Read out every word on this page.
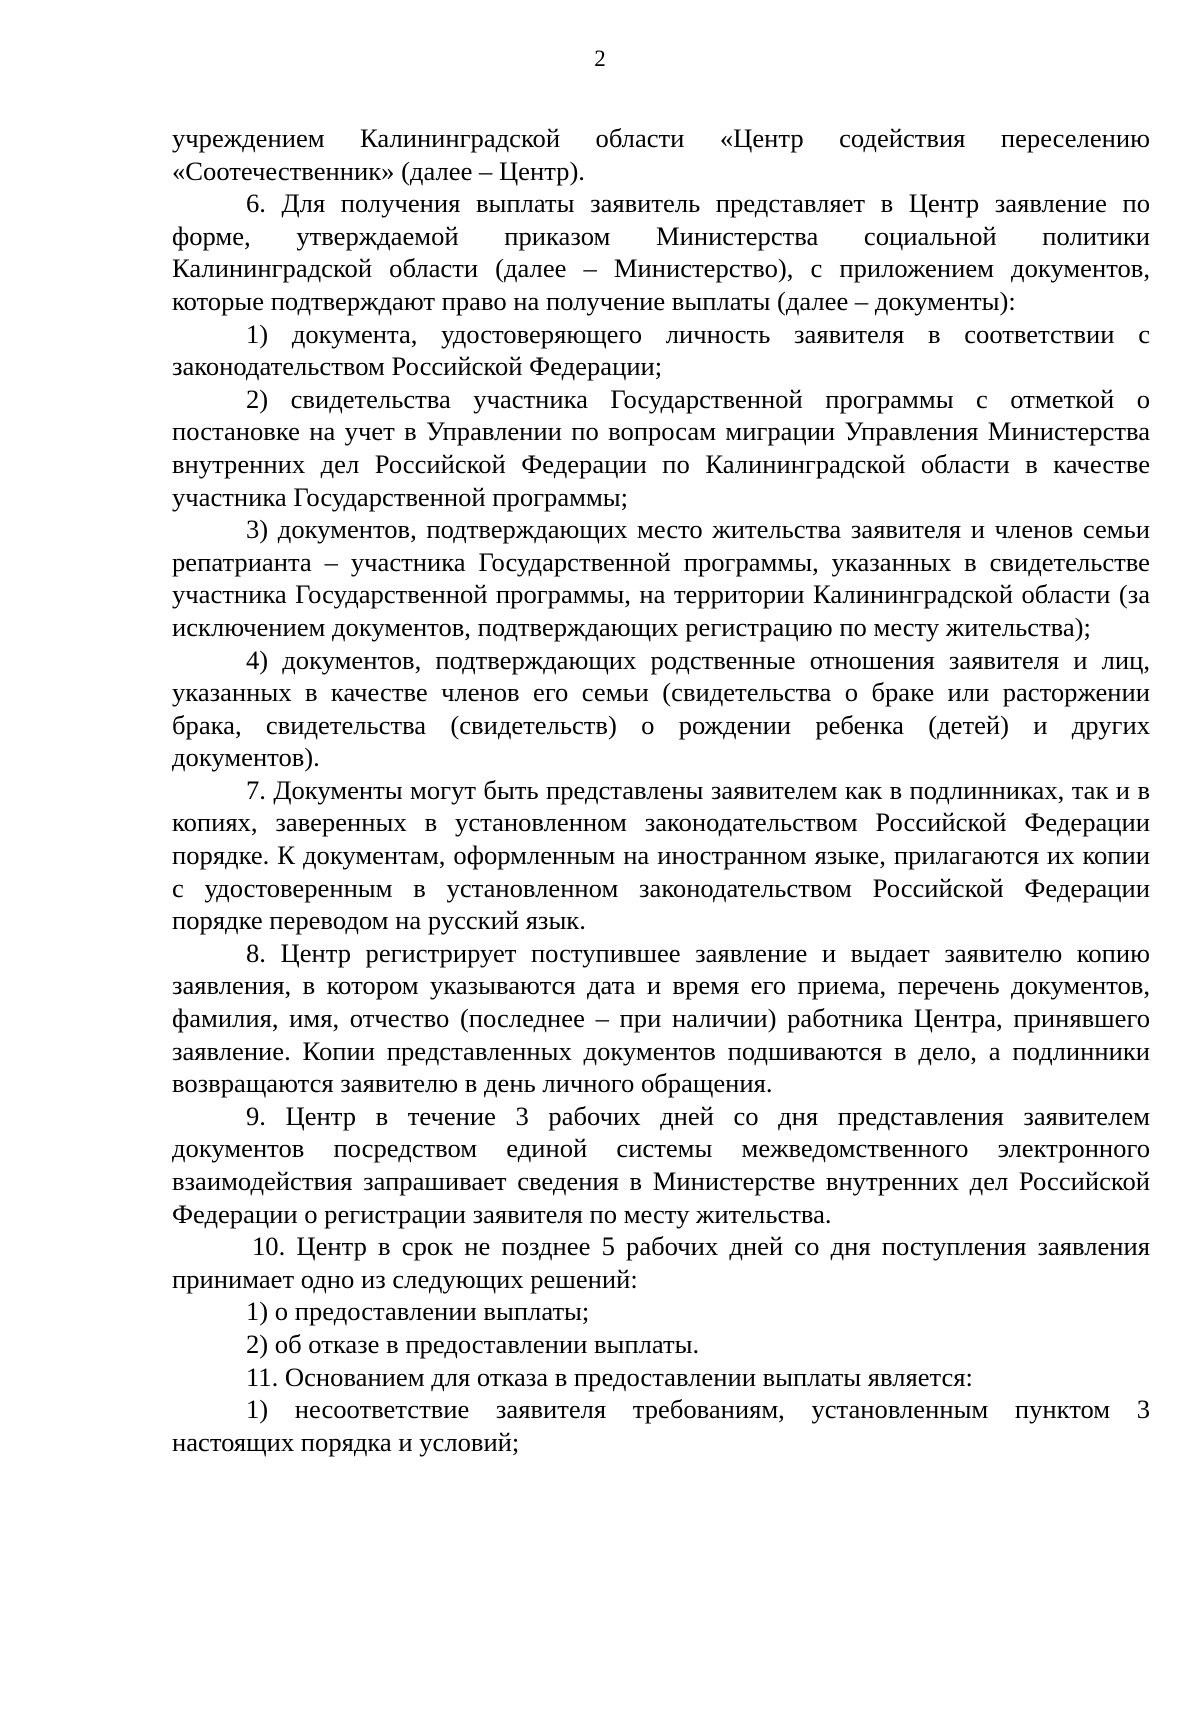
2

учреждением Калининградской области «Центр содействия переселению «Соотечественник» (далее – Центр).

6. Для получения выплаты заявитель представляет в Центр заявление по форме, утверждаемой приказом Министерства социальной политики Калининградской области (далее – Министерство), с приложением документов, которые подтверждают право на получение выплаты (далее – документы):

1) документа, удостоверяющего личность заявителя в соответствии с законодательством Российской Федерации;

2) свидетельства участника Государственной программы с отметкой о постановке на учет в Управлении по вопросам миграции Управления Министерства внутренних дел Российской Федерации по Калининградской области в качестве участника Государственной программы;

3) документов, подтверждающих место жительства заявителя и членов семьи репатрианта – участника Государственной программы, указанных в свидетельстве участника Государственной программы, на территории Калининградской области (за исключением документов, подтверждающих регистрацию по месту жительства);

4) документов, подтверждающих родственные отношения заявителя и лиц, указанных в качестве членов его семьи (свидетельства о браке или расторжении брака, свидетельства (свидетельств) о рождении ребенка (детей) и других документов).

7. Документы могут быть представлены заявителем как в подлинниках, так и в копиях, заверенных в установленном законодательством Российской Федерации порядке. К документам, оформленным на иностранном языке, прилагаются их копии с удостоверенным в установленном законодательством Российской Федерации порядке переводом на русский язык.

8. Центр регистрирует поступившее заявление и выдает заявителю копию заявления, в котором указываются дата и время его приема, перечень документов, фамилия, имя, отчество (последнее – при наличии) работника Центра, принявшего заявление. Копии представленных документов подшиваются в дело, а подлинники возвращаются заявителю в день личного обращения.

9. Центр в течение 3 рабочих дней со дня представления заявителем документов посредством единой системы межведомственного электронного взаимодействия запрашивает сведения в Министерстве внутренних дел Российской Федерации о регистрации заявителя по месту жительства.

10. Центр в срок не позднее 5 рабочих дней со дня поступления заявления принимает одно из следующих решений:

1) о предоставлении выплаты;

2) об отказе в предоставлении выплаты.

11. Основанием для отказа в предоставлении выплаты является:

1) несоответствие заявителя требованиям, установленным пунктом 3 настоящих порядка и условий;
